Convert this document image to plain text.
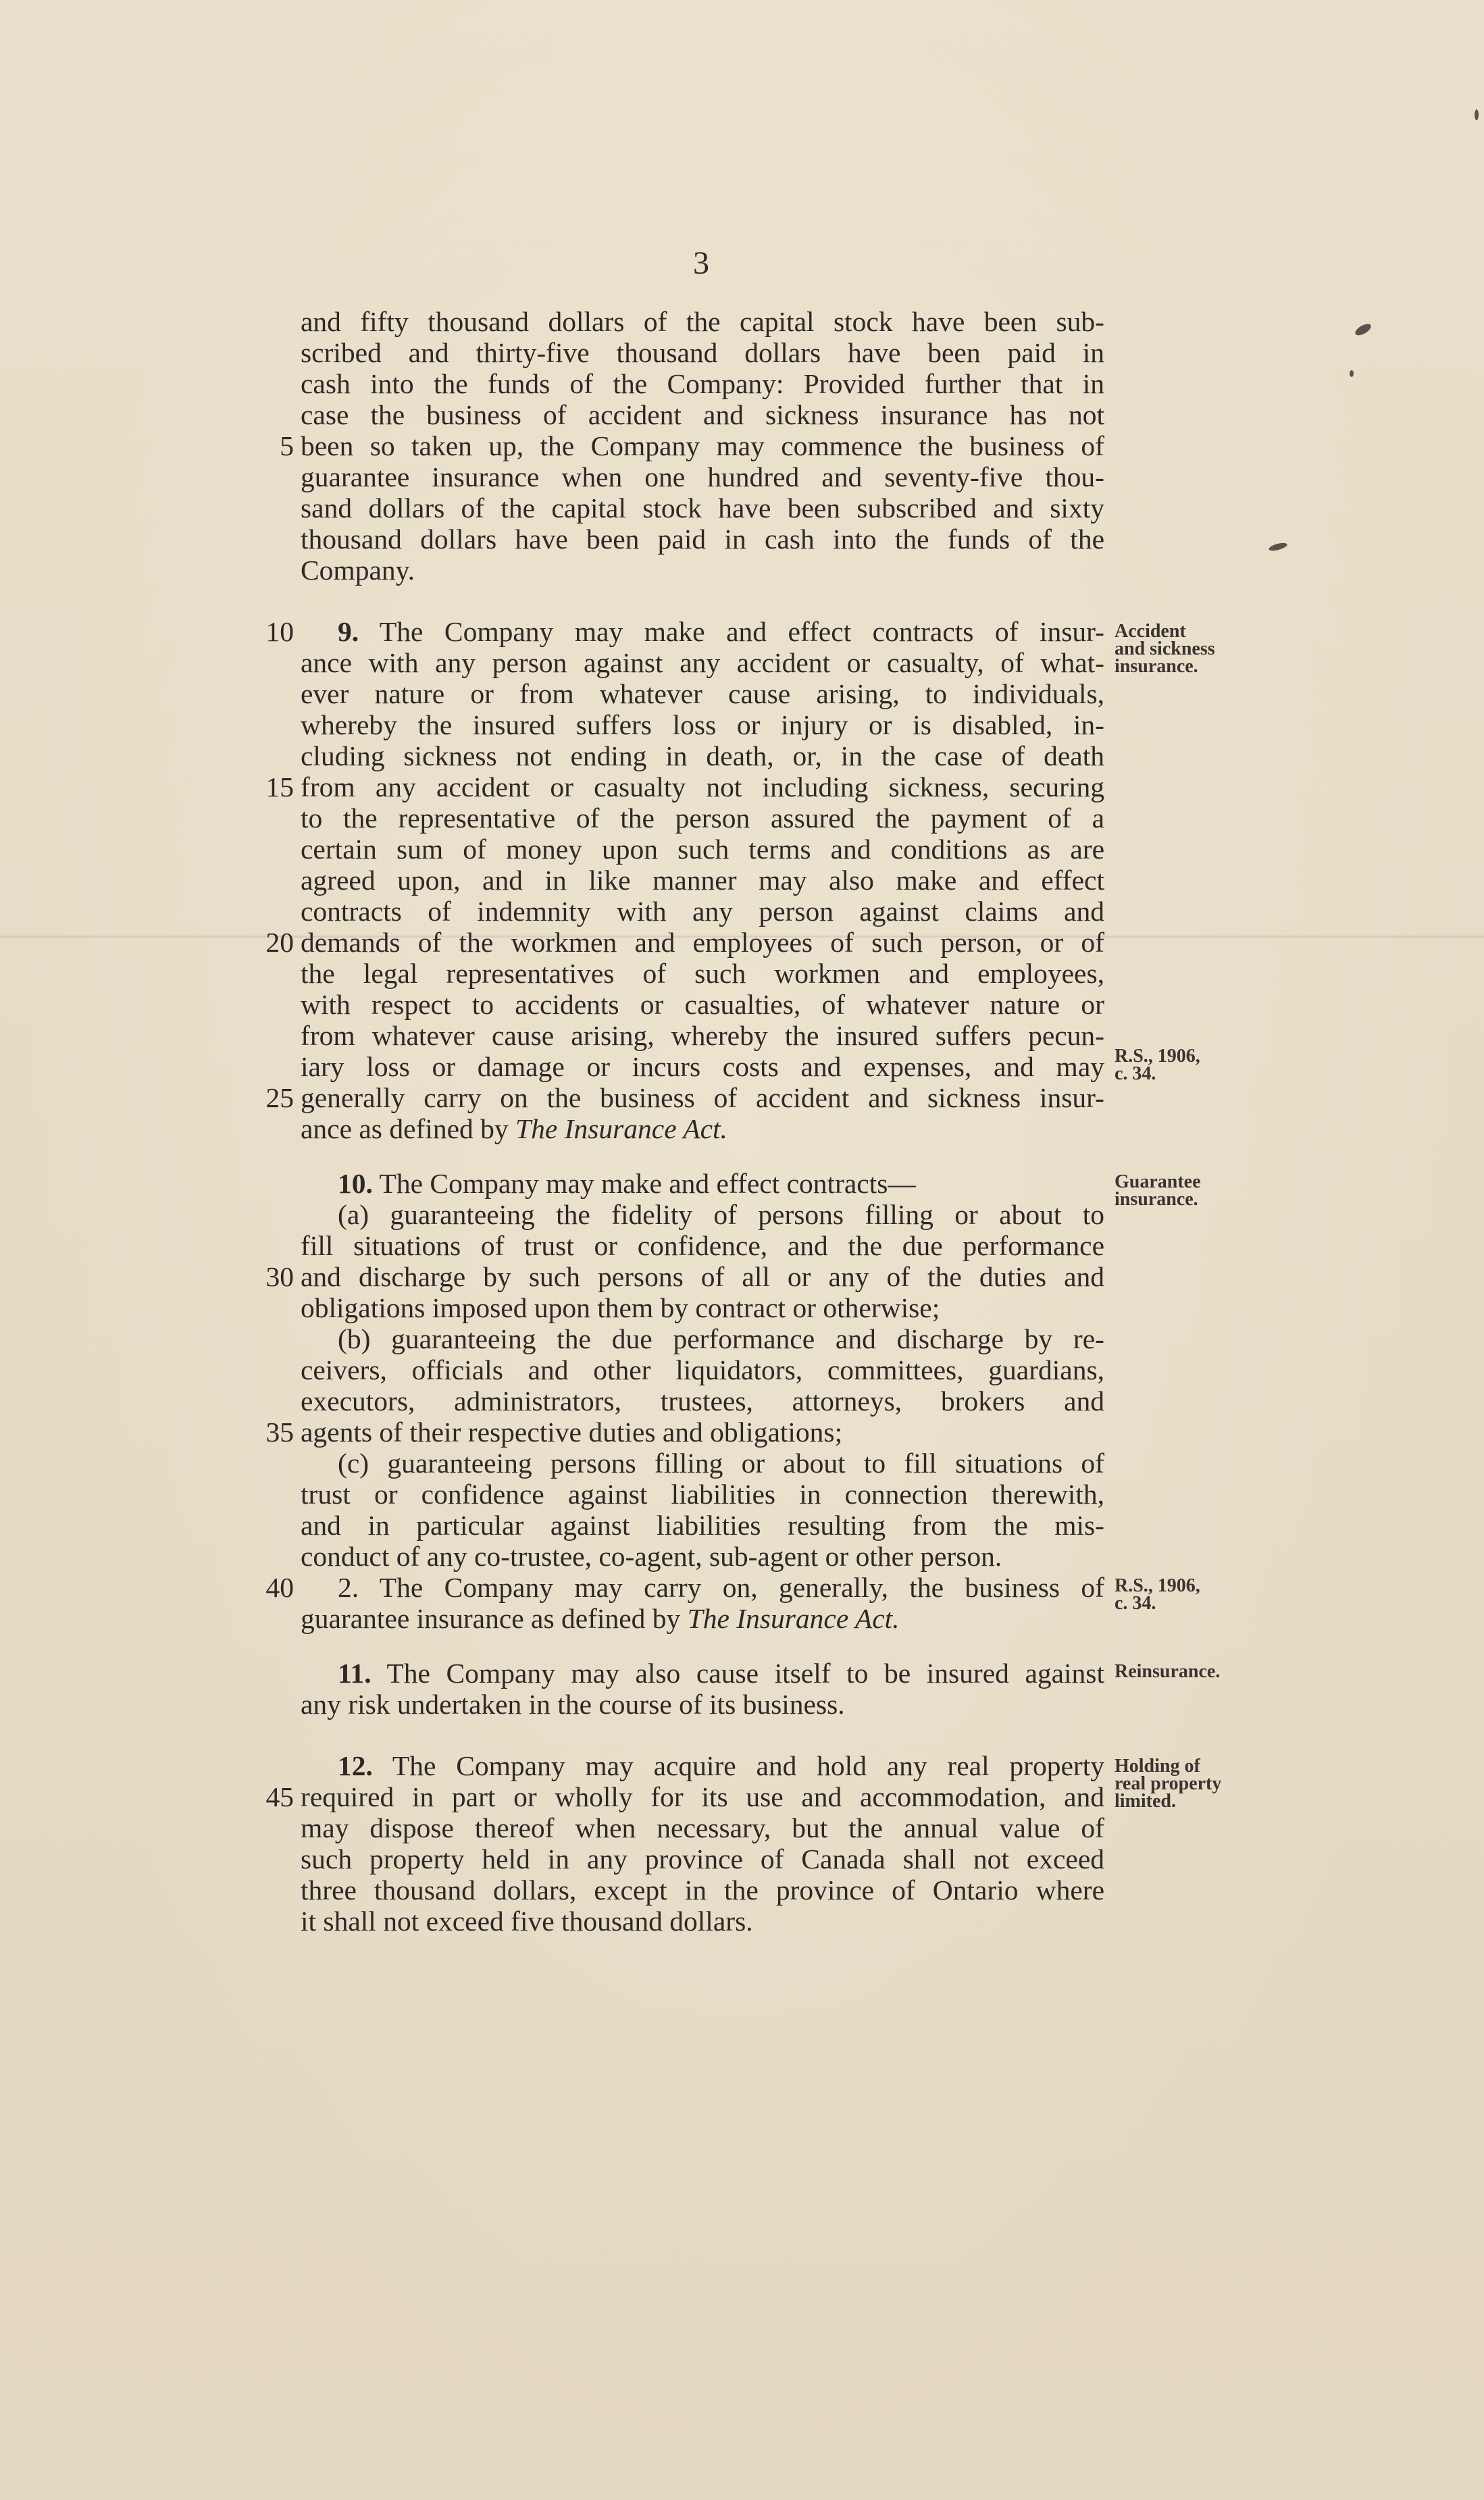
3
and fifty thousand dollars of the capital stock have been sub-
scribed and thirty-five thousand dollars have been paid in
cash into the funds of the Company: Provided further that in
case the business of accident and sickness insurance has not
been so taken up, the Company may commence the business of
5
guarantee insurance when one hundred and seventy-five thou-
sand dollars of the capital stock have been subscribed and sixty
thousand dollars have been paid in cash into the funds of the
Company.
9. The Company may make and effect contracts of insur-
10
ance with any person against any accident or casualty, of what-
ever nature or from whatever cause arising, to individuals,
whereby the insured suffers loss or injury or is disabled, in-
cluding sickness not ending in death, or, in the case of death
from any accident or casualty not including sickness, securing
15
to the representative of the person assured the payment of a
certain sum of money upon such terms and conditions as are
agreed upon, and in like manner may also make and effect
contracts of indemnity with any person against claims and
demands of the workmen and employees of such person, or of
20
the legal representatives of such workmen and employees,
with respect to accidents or casualties, of whatever nature or
from whatever cause arising, whereby the insured suffers pecun-
iary loss or damage or incurs costs and expenses, and may
generally carry on the business of accident and sickness insur-
25
ance as defined by The Insurance Act.
10. The Company may make and effect contracts—
(a) guaranteeing the fidelity of persons filling or about to
fill situations of trust or confidence, and the due performance
and discharge by such persons of all or any of the duties and
30
obligations imposed upon them by contract or otherwise;
(b) guaranteeing the due performance and discharge by re-
ceivers, officials and other liquidators, committees, guardians,
executors, administrators, trustees, attorneys, brokers and
agents of their respective duties and obligations;
35
(c) guaranteeing persons filling or about to fill situations of
trust or confidence against liabilities in connection therewith,
and in particular against liabilities resulting from the mis-
conduct of any co-trustee, co-agent, sub-agent or other person.
2. The Company may carry on, generally, the business of
40
guarantee insurance as defined by The Insurance Act.
11. The Company may also cause itself to be insured against
any risk undertaken in the course of its business.
12. The Company may acquire and hold any real property
required in part or wholly for its use and accommodation, and
45
may dispose thereof when necessary, but the annual value of
such property held in any province of Canada shall not exceed
three thousand dollars, except in the province of Ontario where
it shall not exceed five thousand dollars.
Accident
and sickness
insurance.
R.S., 1906,
c. 34.
Guarantee
insurance.
R.S., 1906,
c. 34.
Reinsurance.
Holding of
real property
limited.
